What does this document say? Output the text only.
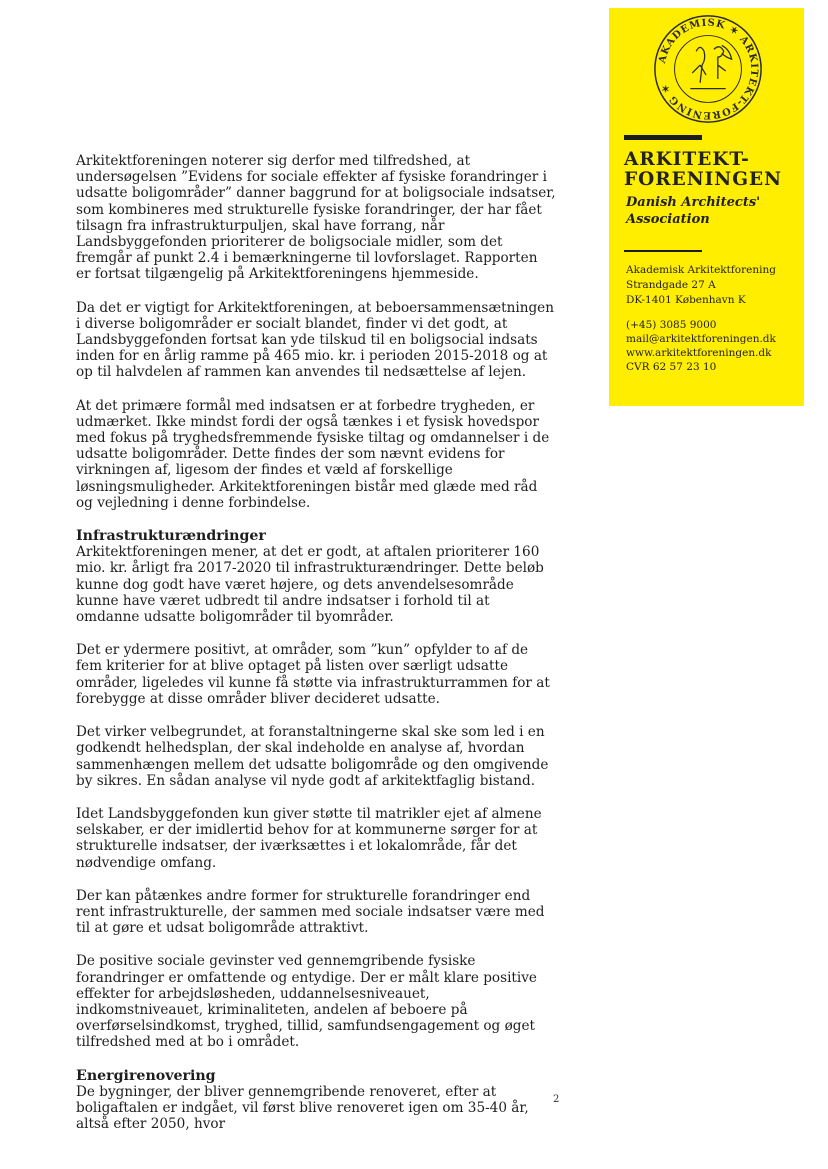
AKADEMISK ✶ ARKITEKT-FORENING ✶
ARKITEKT-
FORENINGEN
Danish Architects'
Association
Akademisk Arkitektforening
Strandgade 27 A
DK-1401 København K
(+45) 3085 9000
mail@arkitektforeningen.dk
www.arkitektforeningen.dk
CVR 62 57 23 10

Arkitektforeningen noterer sig derfor med tilfredshed, at undersøgelsen ”Evidens for sociale effekter af fysiske forandringer i udsatte boligområder” danner baggrund for at boligsociale indsatser, som kombineres med strukturelle fysiske forandringer, der har fået tilsagn fra infrastrukturpuljen, skal have forrang, når Landsbyggefonden prioriterer de boligsociale midler, som det fremgår af punkt 2.4 i bemærkningerne til lovforslaget. Rapporten er fortsat tilgængelig på Arkitektforeningens hjemmeside.

Da det er vigtigt for Arkitektforeningen, at beboersammensætningen i diverse boligområder er socialt blandet, finder vi det godt, at Landsbyggefonden fortsat kan yde tilskud til en boligsocial indsats inden for en årlig ramme på 465 mio. kr. i perioden 2015-2018 og at op til halvdelen af rammen kan anvendes til nedsættelse af lejen.

At det primære formål med indsatsen er at forbedre trygheden, er udmærket. Ikke mindst fordi der også tænkes i et fysisk hovedspor med fokus på tryghedsfremmende fysiske tiltag og omdannelser i de udsatte boligområder. Dette findes der som nævnt evidens for virkningen af, ligesom der findes et væld af forskellige løsningsmuligheder. Arkitektforeningen bistår med glæde med råd og vejledning i denne forbindelse.

Infrastrukturændringer

Arkitektforeningen mener, at det er godt, at aftalen prioriterer 160 mio. kr. årligt fra 2017-2020 til infrastrukturændringer. Dette beløb kunne dog godt have været højere, og dets anvendelsesområde kunne have været udbredt til andre indsatser i forhold til at omdanne udsatte boligområder til byområder.

Det er ydermere positivt, at områder, som ”kun” opfylder to af de fem kriterier for at blive optaget på listen over særligt udsatte områder, ligeledes vil kunne få støtte via infrastrukturrammen for at forebygge at disse områder bliver decideret udsatte.

Det virker velbegrundet, at foranstaltningerne skal ske som led i en godkendt helhedsplan, der skal indeholde en analyse af, hvordan sammenhængen mellem det udsatte boligområde og den omgivende by sikres. En sådan analyse vil nyde godt af arkitektfaglig bistand.

Idet Landsbyggefonden kun giver støtte til matrikler ejet af almene selskaber, er der imidlertid behov for at kommunerne sørger for at strukturelle indsatser, der iværksættes i et lokalområde, får det nødvendige omfang.

Der kan påtænkes andre former for strukturelle forandringer end rent infrastrukturelle, der sammen med sociale indsatser være med til at gøre et udsat boligområde attraktivt.

De positive sociale gevinster ved gennemgribende fysiske forandringer er omfattende og entydige. Der er målt klare positive effekter for arbejdsløsheden, uddannelsesniveauet, indkomstniveauet, kriminaliteten, andelen af beboere på overførselsindkomst, tryghed, tillid, samfundsengagement og øget tilfredshed med at bo i området.

Energirenovering

De bygninger, der bliver gennemgribende renoveret, efter at boligaftalen er indgået, vil først blive renoveret igen om 35-40 år, altså efter 2050, hvor

2
